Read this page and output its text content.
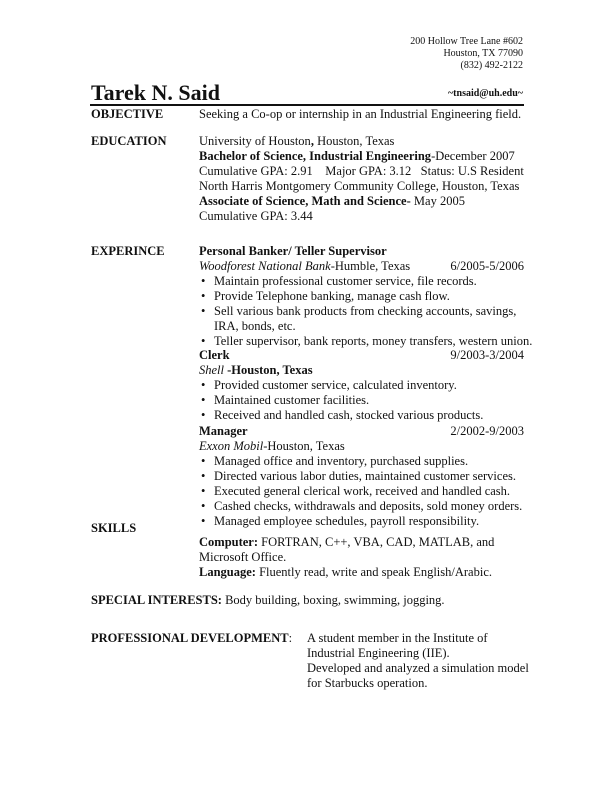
200 Hollow Tree Lane #602
Houston, TX 77090
(832) 492-2122
Tarek N. Said	~tnsaid@uh.edu~
OBJECTIVE	Seeking a Co-op or internship in an Industrial Engineering field.
EDUCATION	University of Houston, Houston, Texas
Bachelor of Science, Industrial Engineering-December 2007
Cumulative GPA: 2.91    Major GPA: 3.12   Status: U.S Resident
North Harris Montgomery Community College, Houston, Texas
Associate of Science, Math and Science- May 2005
Cumulative GPA: 3.44
EXPERINCE	Personal Banker/ Teller Supervisor
Woodforest National Bank-Humble, Texas	6/2005-5/2006
• Maintain professional customer service, file records.
• Provide Telephone banking, manage cash flow.
• Sell various bank products from checking accounts, savings,
IRA, bonds, etc.
• Teller supervisor, bank reports, money transfers, western union.
Clerk	9/2003-3/2004
Shell -Houston, Texas
• Provided customer service, calculated inventory.
• Maintained customer facilities.
• Received and handled cash, stocked various products.
Manager	2/2002-9/2003
Exxon Mobil-Houston, Texas
• Managed office and inventory, purchased supplies.
• Directed various labor duties, maintained customer services.
• Executed general clerical work, received and handled cash.
• Cashed checks, withdrawals and deposits, sold money orders.
• Managed employee schedules, payroll responsibility.
SKILLS
Computer: FORTRAN, C++, VBA, CAD, MATLAB, and
Microsoft Office.
Language: Fluently read, write and speak English/Arabic.
SPECIAL INTERESTS: Body building, boxing, swimming, jogging.
PROFESSIONAL DEVELOPMENT: A student member in the Institute of
Industrial Engineering (IIE).
Developed and analyzed a simulation model
for Starbucks operation.
